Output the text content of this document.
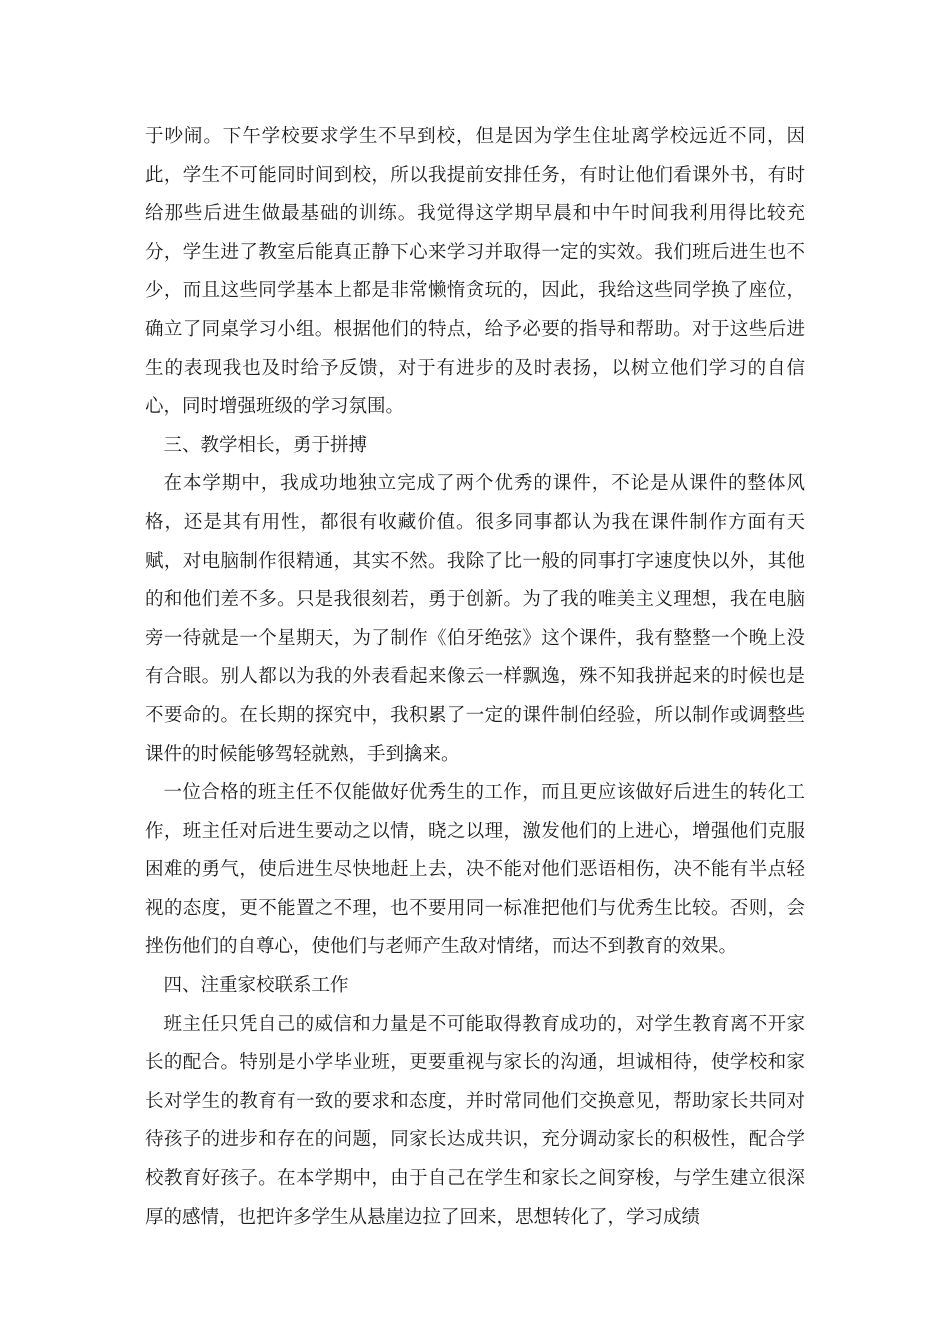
于吵闹。下午学校要求学生不早到校，但是因为学生住址离学校远近不同，因此，学生不可能同时间到校，所以我提前安排任务，有时让他们看课外书，有时给那些后进生做最基础的训练。我觉得这学期早晨和中午时间我利用得比较充分，学生进了教室后能真正静下心来学习并取得一定的实效。我们班后进生也不少，而且这些同学基本上都是非常懒惰贪玩的，因此，我给这些同学换了座位，确立了同桌学习小组。根据他们的特点，给予必要的指导和帮助。对于这些后进生的表现我也及时给予反馈，对于有进步的及时表扬，以树立他们学习的自信心，同时增强班级的学习氛围。

三、教学相长，勇于拼搏

在本学期中，我成功地独立完成了两个优秀的课件，不论是从课件的整体风格，还是其有用性，都很有收藏价值。很多同事都认为我在课件制作方面有天赋，对电脑制作很精通，其实不然。我除了比一般的同事打字速度快以外，其他的和他们差不多。只是我很刻若，勇于创新。为了我的唯美主义理想，我在电脑旁一待就是一个星期天，为了制作《伯牙绝弦》这个课件，我有整整一个晚上没有合眼。别人都以为我的外表看起来像云一样飘逸，殊不知我拼起来的时候也是不要命的。在长期的探究中，我积累了一定的课件制伯经验，所以制作或调整些课件的时候能够驾轻就熟，手到擒来。

一位合格的班主任不仅能做好优秀生的工作，而且更应该做好后进生的转化工作，班主任对后进生要动之以情，晓之以理，激发他们的上进心，增强他们克服困难的勇气，使后进生尽快地赶上去，决不能对他们恶语相伤，决不能有半点轻视的态度，更不能置之不理，也不要用同一标准把他们与优秀生比较。否则，会挫伤他们的自尊心，使他们与老师产生敌对情绪，而达不到教育的效果。

四、注重家校联系工作

班主任只凭自己的威信和力量是不可能取得教育成功的，对学生教育离不开家长的配合。特别是小学毕业班，更要重视与家长的沟通，坦诚相待，使学校和家长对学生的教育有一致的要求和态度，并时常同他们交换意见，帮助家长共同对待孩子的进步和存在的问题，同家长达成共识，充分调动家长的积极性，配合学校教育好孩子。在本学期中，由于自己在学生和家长之间穿梭，与学生建立很深厚的感情，也把许多学生从悬崖边拉了回来，思想转化了，学习成绩
